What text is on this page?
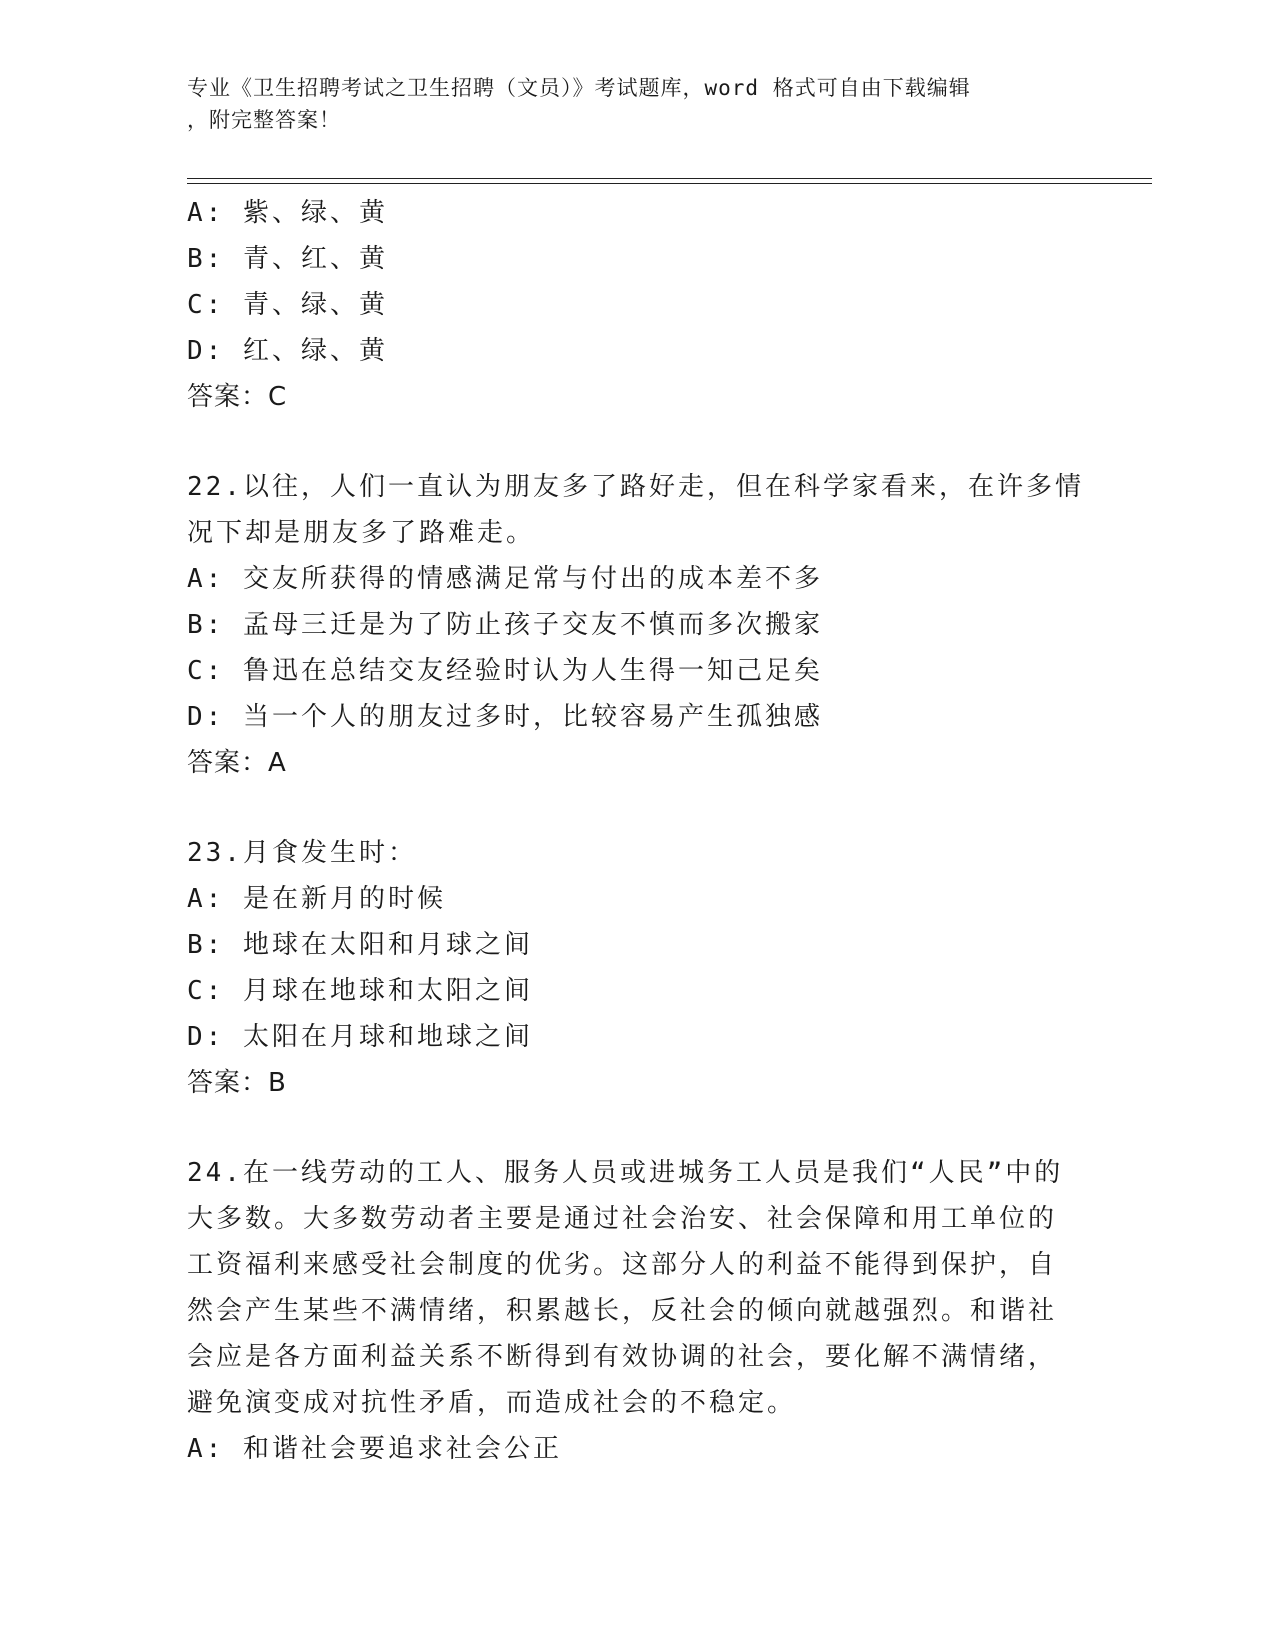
专业《卫生招聘考试之卫生招聘（文员）》考试题库，word 格式可自由下载编辑
，附完整答案！
A: 紫、绿、黄
B: 青、红、黄
C: 青、绿、黄
D: 红、绿、黄
答案：C
22.以往，人们一直认为朋友多了路好走，但在科学家看来，在许多情
况下却是朋友多了路难走。
A: 交友所获得的情感满足常与付出的成本差不多
B: 孟母三迁是为了防止孩子交友不慎而多次搬家
C: 鲁迅在总结交友经验时认为人生得一知己足矣
D: 当一个人的朋友过多时，比较容易产生孤独感
答案：A
23.月食发生时：
A: 是在新月的时候
B: 地球在太阳和月球之间
C: 月球在地球和太阳之间
D: 太阳在月球和地球之间
答案：B
24.在一线劳动的工人、服务人员或进城务工人员是我们“人民”中的
大多数。大多数劳动者主要是通过社会治安、社会保障和用工单位的
工资福利来感受社会制度的优劣。这部分人的利益不能得到保护，自
然会产生某些不满情绪，积累越长，反社会的倾向就越强烈。和谐社
会应是各方面利益关系不断得到有效协调的社会，要化解不满情绪，
避免演变成对抗性矛盾，而造成社会的不稳定。
A: 和谐社会要追求社会公正
